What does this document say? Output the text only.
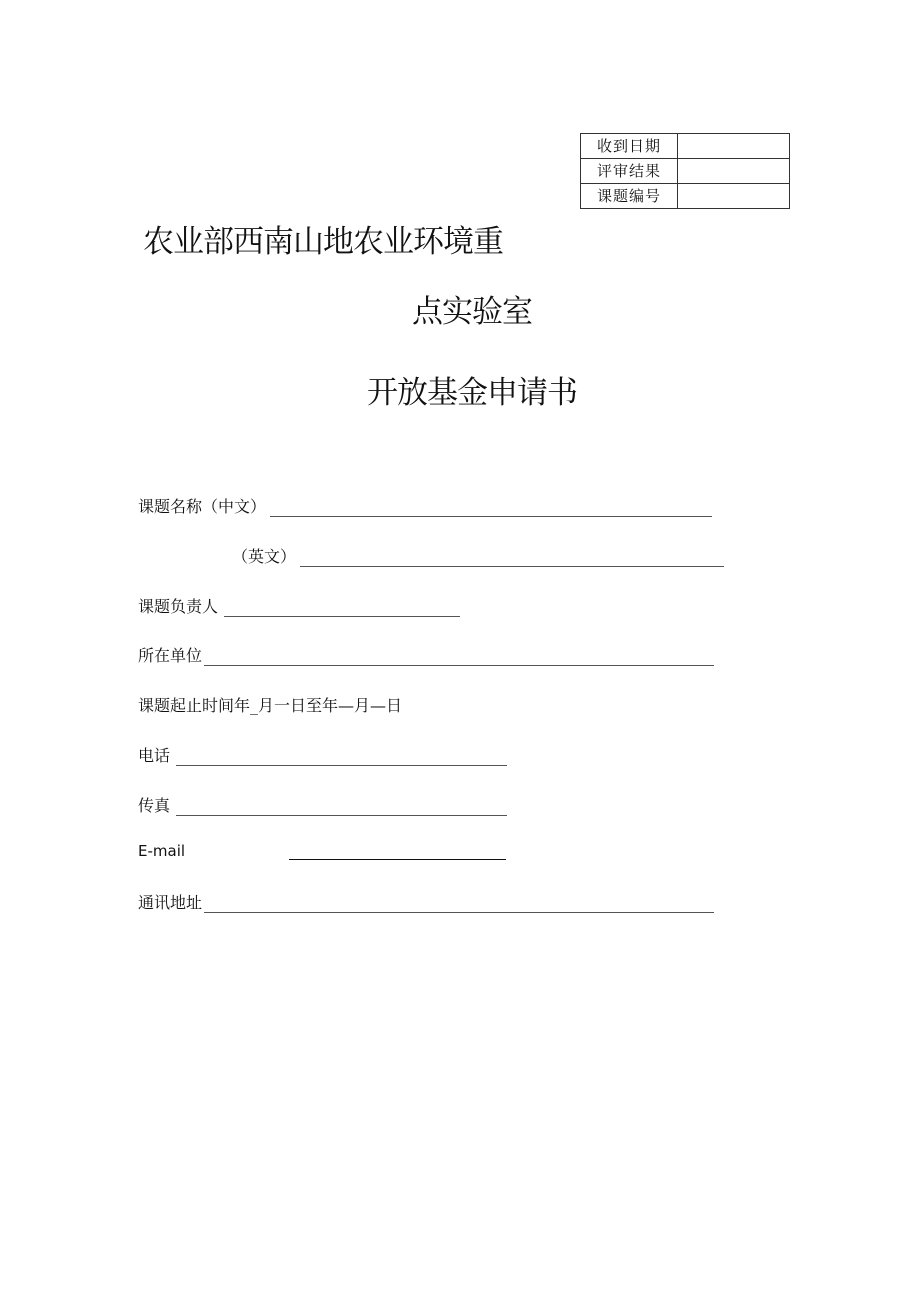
收到日期	
评审结果	
课题编号	
农业部西南山地农业环境重
点实验室
开放基金申请书
课题名称（中文）
（英文）
课题负责人
所在单位
课题起止时间年_月一日至年—月—日
电话
传真
E-mail
通讯地址
